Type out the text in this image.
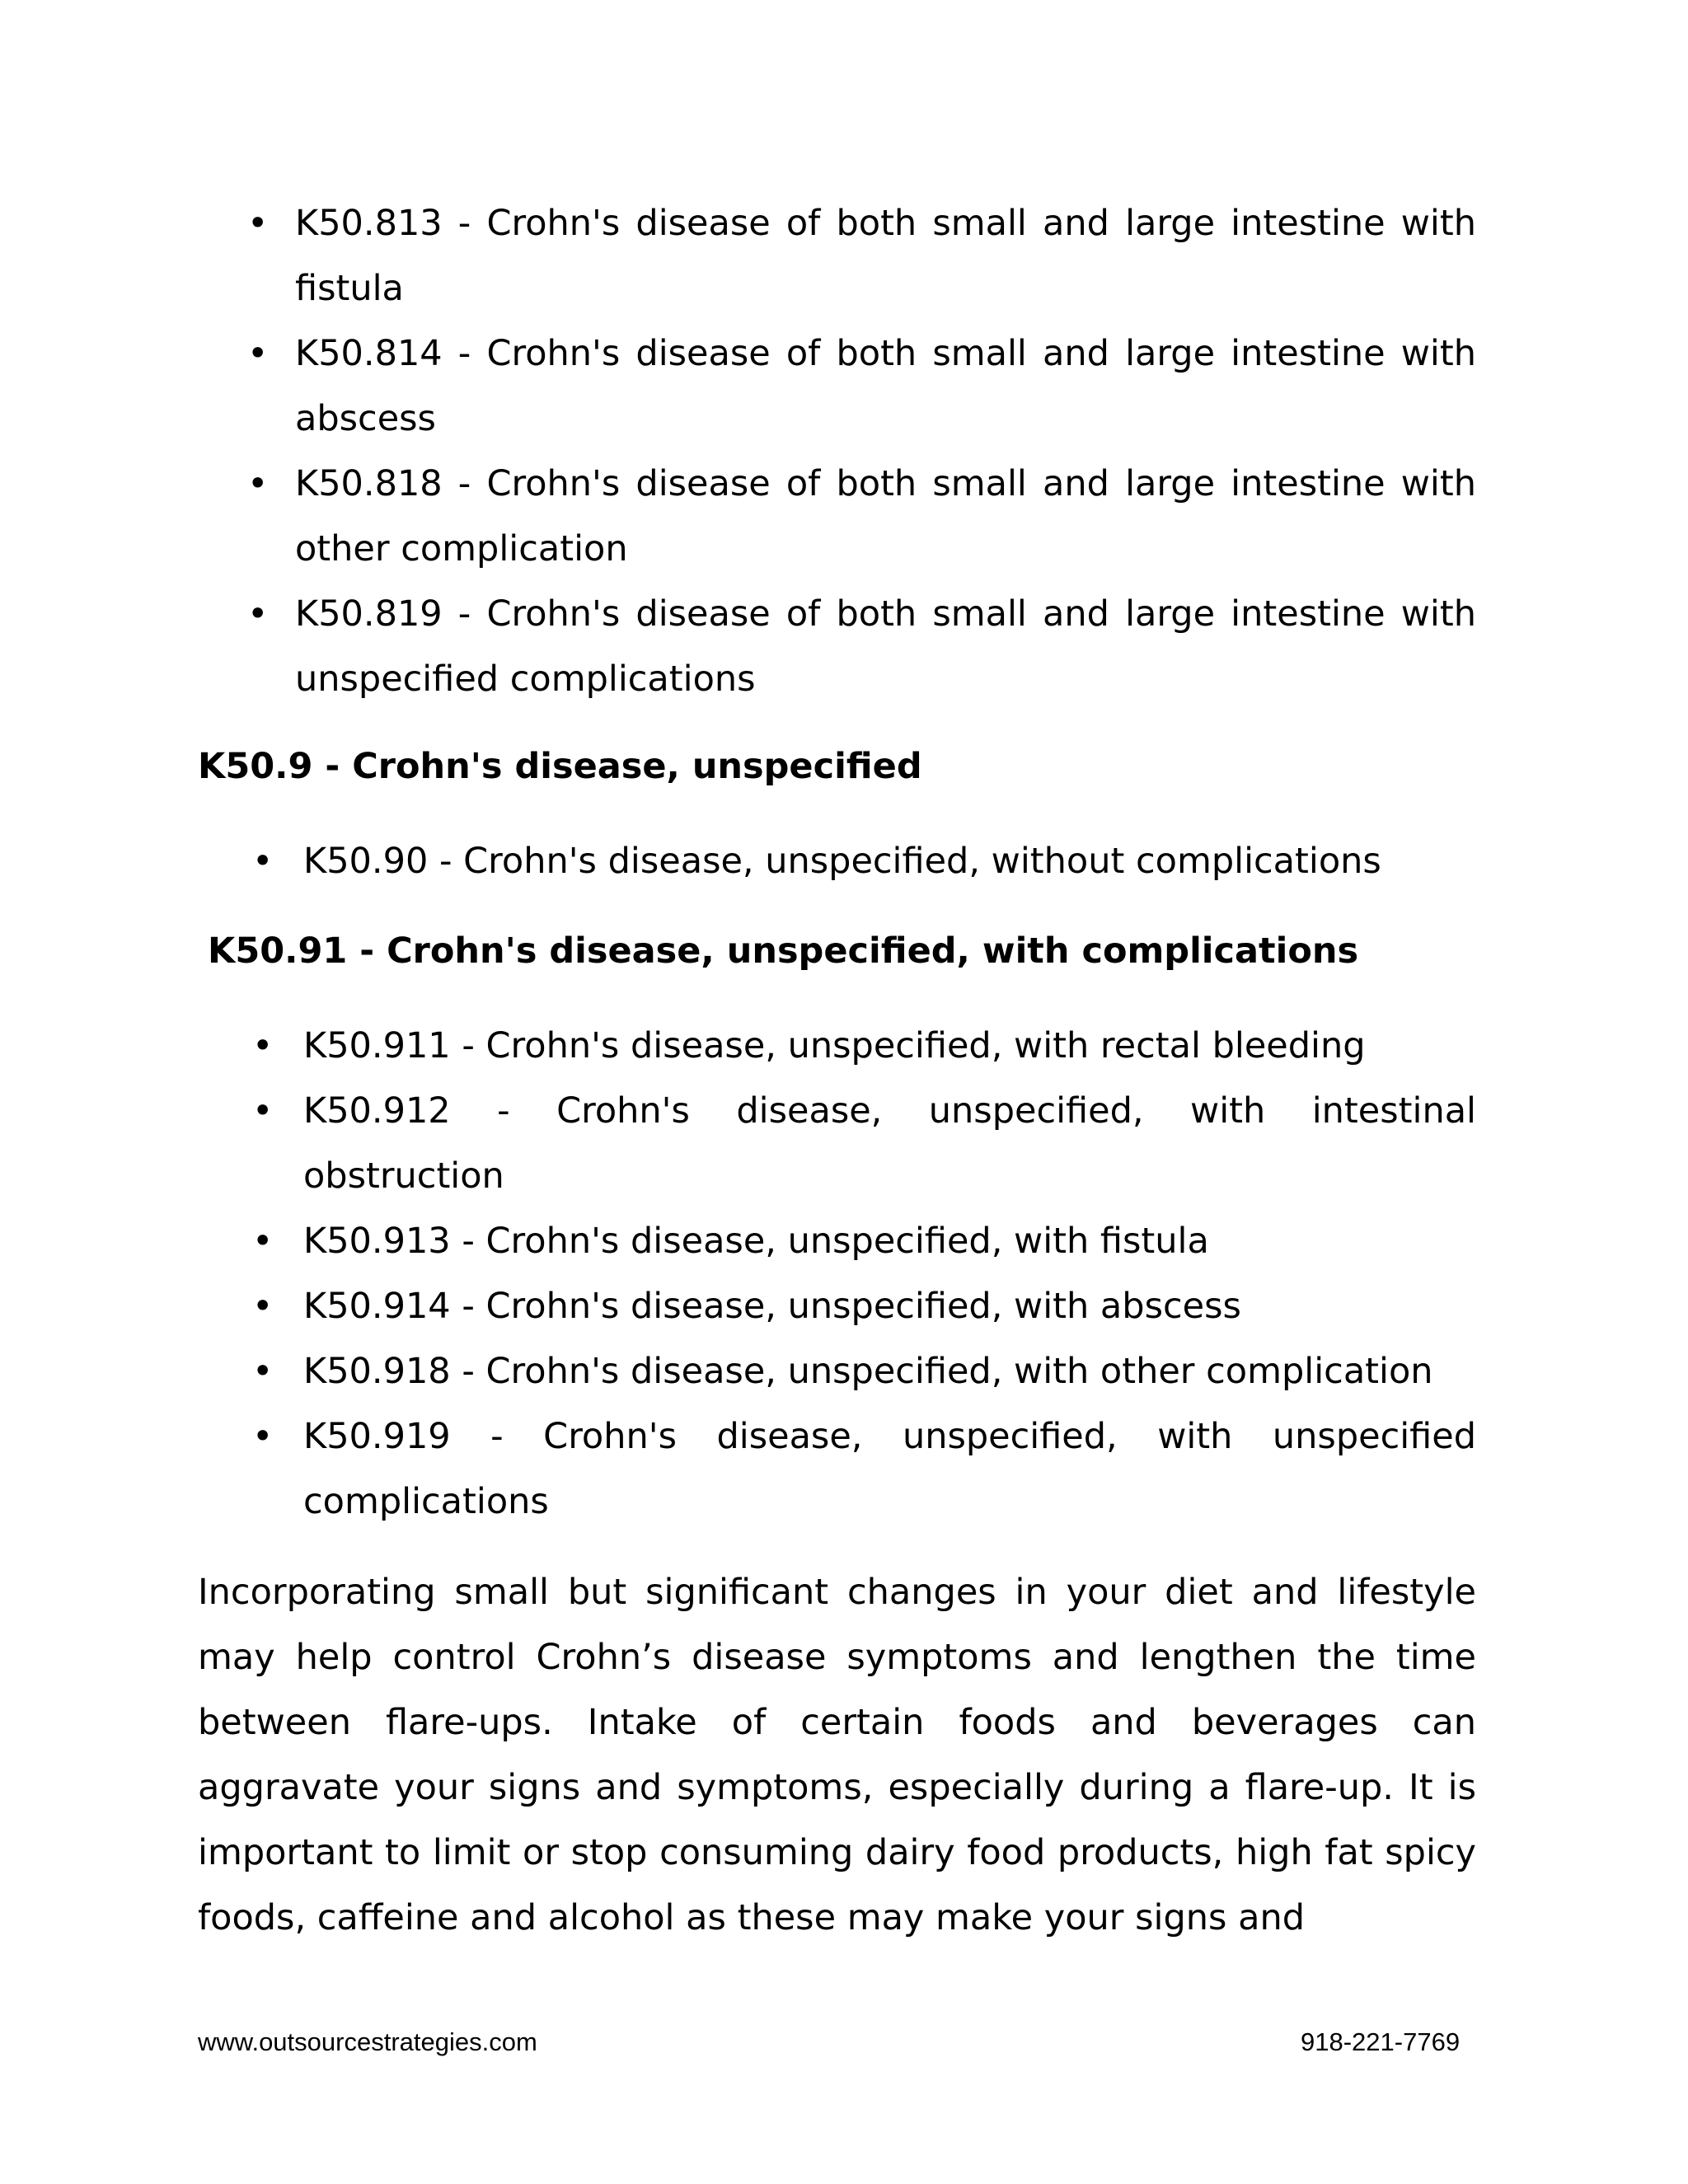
• K50.813 - Crohn's disease of both small and large intestine with fistula
• K50.814 - Crohn's disease of both small and large intestine with abscess
• K50.818 - Crohn's disease of both small and large intestine with other complication
• K50.819 - Crohn's disease of both small and large intestine with unspecified complications
K50.9 - Crohn's disease, unspecified
• K50.90 - Crohn's disease, unspecified, without complications
K50.91 - Crohn's disease, unspecified, with complications
• K50.911 - Crohn's disease, unspecified, with rectal bleeding
• K50.912 - Crohn's disease, unspecified, with intestinal obstruction
• K50.913 - Crohn's disease, unspecified, with fistula
• K50.914 - Crohn's disease, unspecified, with abscess
• K50.918 - Crohn's disease, unspecified, with other complication
• K50.919 - Crohn's disease, unspecified, with unspecified complications

Incorporating small but significant changes in your diet and lifestyle may help control Crohn’s disease symptoms and lengthen the time between flare-ups. Intake of certain foods and beverages can aggravate your signs and symptoms, especially during a flare-up. It is important to limit or stop consuming dairy food products, high fat spicy foods, caffeine and alcohol as these may make your signs and

www.outsourcestrategies.com	918-221-7769
